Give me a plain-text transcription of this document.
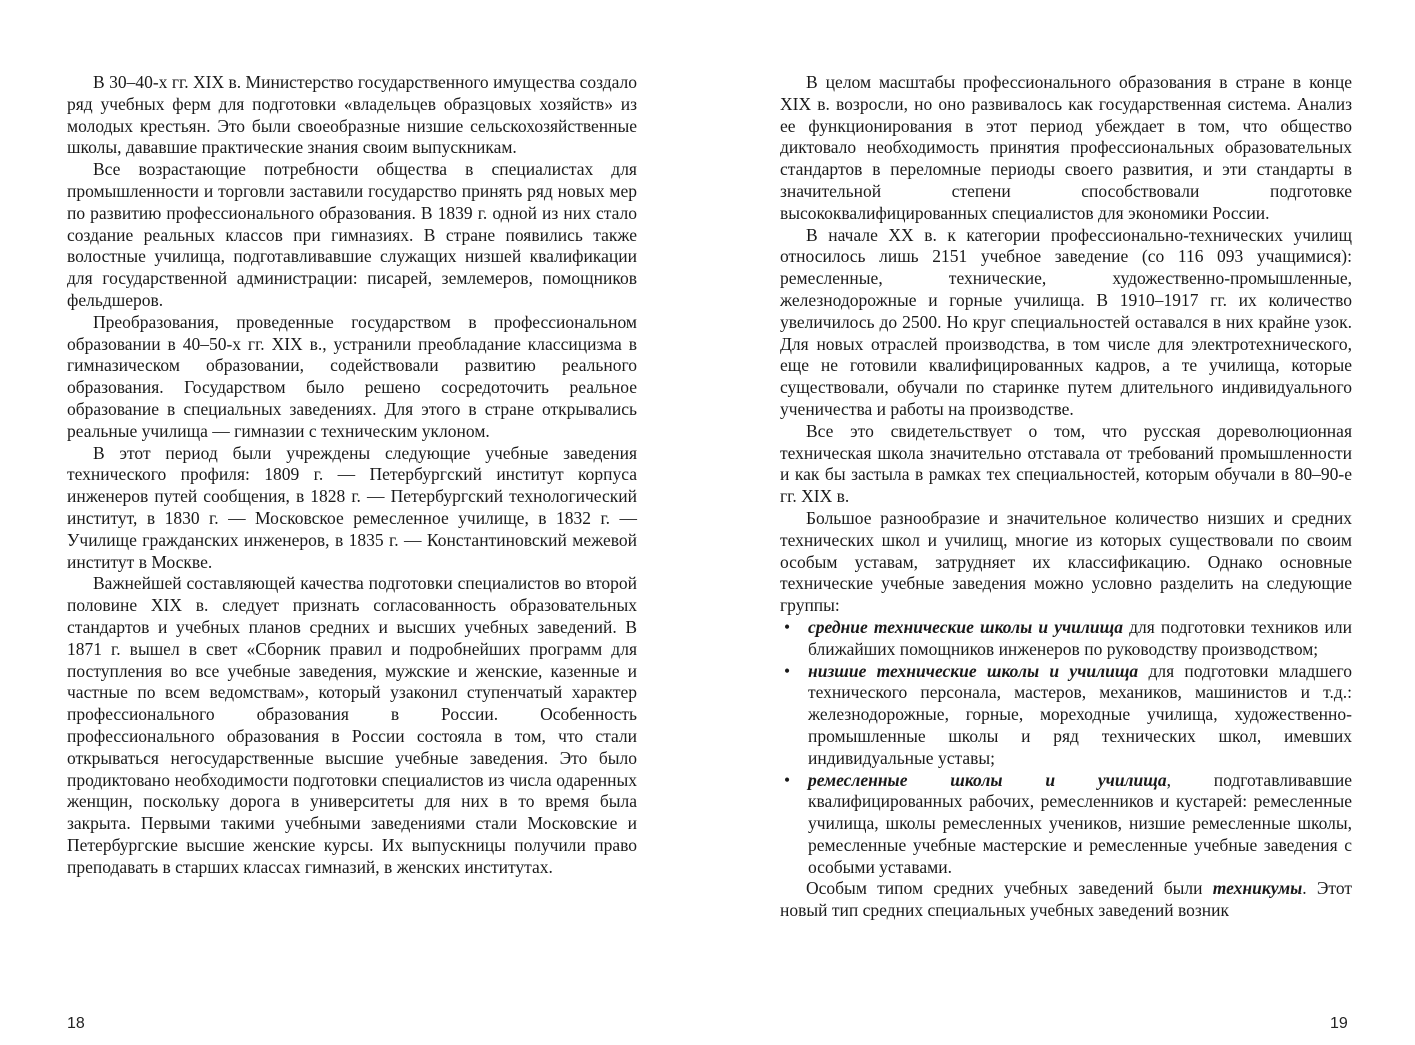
В 30–40-х гг. XIX в. Министерство государственного имущества создало ряд учебных ферм для подготовки «владельцев образцовых хозяйств» из молодых крестьян. Это были своеобразные низшие сельскохозяйственные школы, дававшие практические знания своим выпускникам.

Все возрастающие потребности общества в специалистах для промышленности и торговли заставили государство принять ряд новых мер по развитию профессионального образования. В 1839 г. одной из них стало создание реальных классов при гимназиях. В стране появились также волостные училища, подготавливавшие служащих низшей квалификации для государственной администрации: писарей, землемеров, помощников фельдшеров.

Преобразования, проведенные государством в профессиональном образовании в 40–50-х гг. XIX в., устранили преобладание классицизма в гимназическом образовании, содействовали развитию реального образования. Государством было решено сосредоточить реальное образование в специальных заведениях. Для этого в стране открывались реальные училища — гимназии с техническим уклоном.

В этот период были учреждены следующие учебные заведения технического профиля: 1809 г. — Петербургский институт корпуса инженеров путей сообщения, в 1828 г. — Петербургский технологический институт, в 1830 г. — Московское ремесленное училище, в 1832 г. — Училище гражданских инженеров, в 1835 г. — Константиновский межевой институт в Москве.

Важнейшей составляющей качества подготовки специалистов во второй половине XIX в. следует признать согласованность образовательных стандартов и учебных планов средних и высших учебных заведений. В 1871 г. вышел в свет «Сборник правил и подробнейших программ для поступления во все учебные заведения, мужские и женские, казенные и частные по всем ведомствам», который узаконил ступенчатый характер профессионального образования в России. Особенность профессионального образования в России состояла в том, что стали открываться негосударственные высшие учебные заведения. Это было продиктовано необходимости подготовки специалистов из числа одаренных женщин, поскольку дорога в университеты для них в то время была закрыта. Первыми такими учебными заведениями стали Московские и Петербургские высшие женские курсы. Их выпускницы получили право преподавать в старших классах гимназий, в женских институтах.

В целом масштабы профессионального образования в стране в конце XIX в. возросли, но оно развивалось как государственная система. Анализ ее функционирования в этот период убеждает в том, что общество диктовало необходимость принятия профессиональных образовательных стандартов в переломные периоды своего развития, и эти стандарты в значительной степени способствовали подготовке высококвалифицированных специалистов для экономики России.

В начале XX в. к категории профессионально-технических училищ относилось лишь 2151 учебное заведение (со 116 093 учащимися): ремесленные, технические, художественно-промышленные, железнодорожные и горные училища. В 1910–1917 гг. их количество увеличилось до 2500. Но круг специальностей оставался в них крайне узок. Для новых отраслей производства, в том числе для электротехнического, еще не готовили квалифицированных кадров, а те училища, которые существовали, обучали по старинке путем длительного индивидуального ученичества и работы на производстве.

Все это свидетельствует о том, что русская дореволюционная техническая школа значительно отставала от требований промышленности и как бы застыла в рамках тех специальностей, которым обучали в 80–90-е гг. XIX в.

Большое разнообразие и значительное количество низших и средних технических школ и училищ, многие из которых существовали по своим особым уставам, затрудняет их классификацию. Однако основные технические учебные заведения можно условно разделить на следующие группы:

• средние технические школы и училища для подготовки техников или ближайших помощников инженеров по руководству производством;
• низшие технические школы и училища для подготовки младшего технического персонала, мастеров, механиков, машинистов и т.д.: железнодорожные, горные, мореходные училища, художественно-промышленные школы и ряд технических школ, имевших индивидуальные уставы;
• ремесленные школы и училища, подготавливавшие квалифицированных рабочих, ремесленников и кустарей: ремесленные училища, школы ремесленных учеников, низшие ремесленные школы, ремесленные учебные мастерские и ремесленные учебные заведения с особыми уставами.

Особым типом средних учебных заведений были техникумы. Этот новый тип средних специальных учебных заведений возник

18	19
